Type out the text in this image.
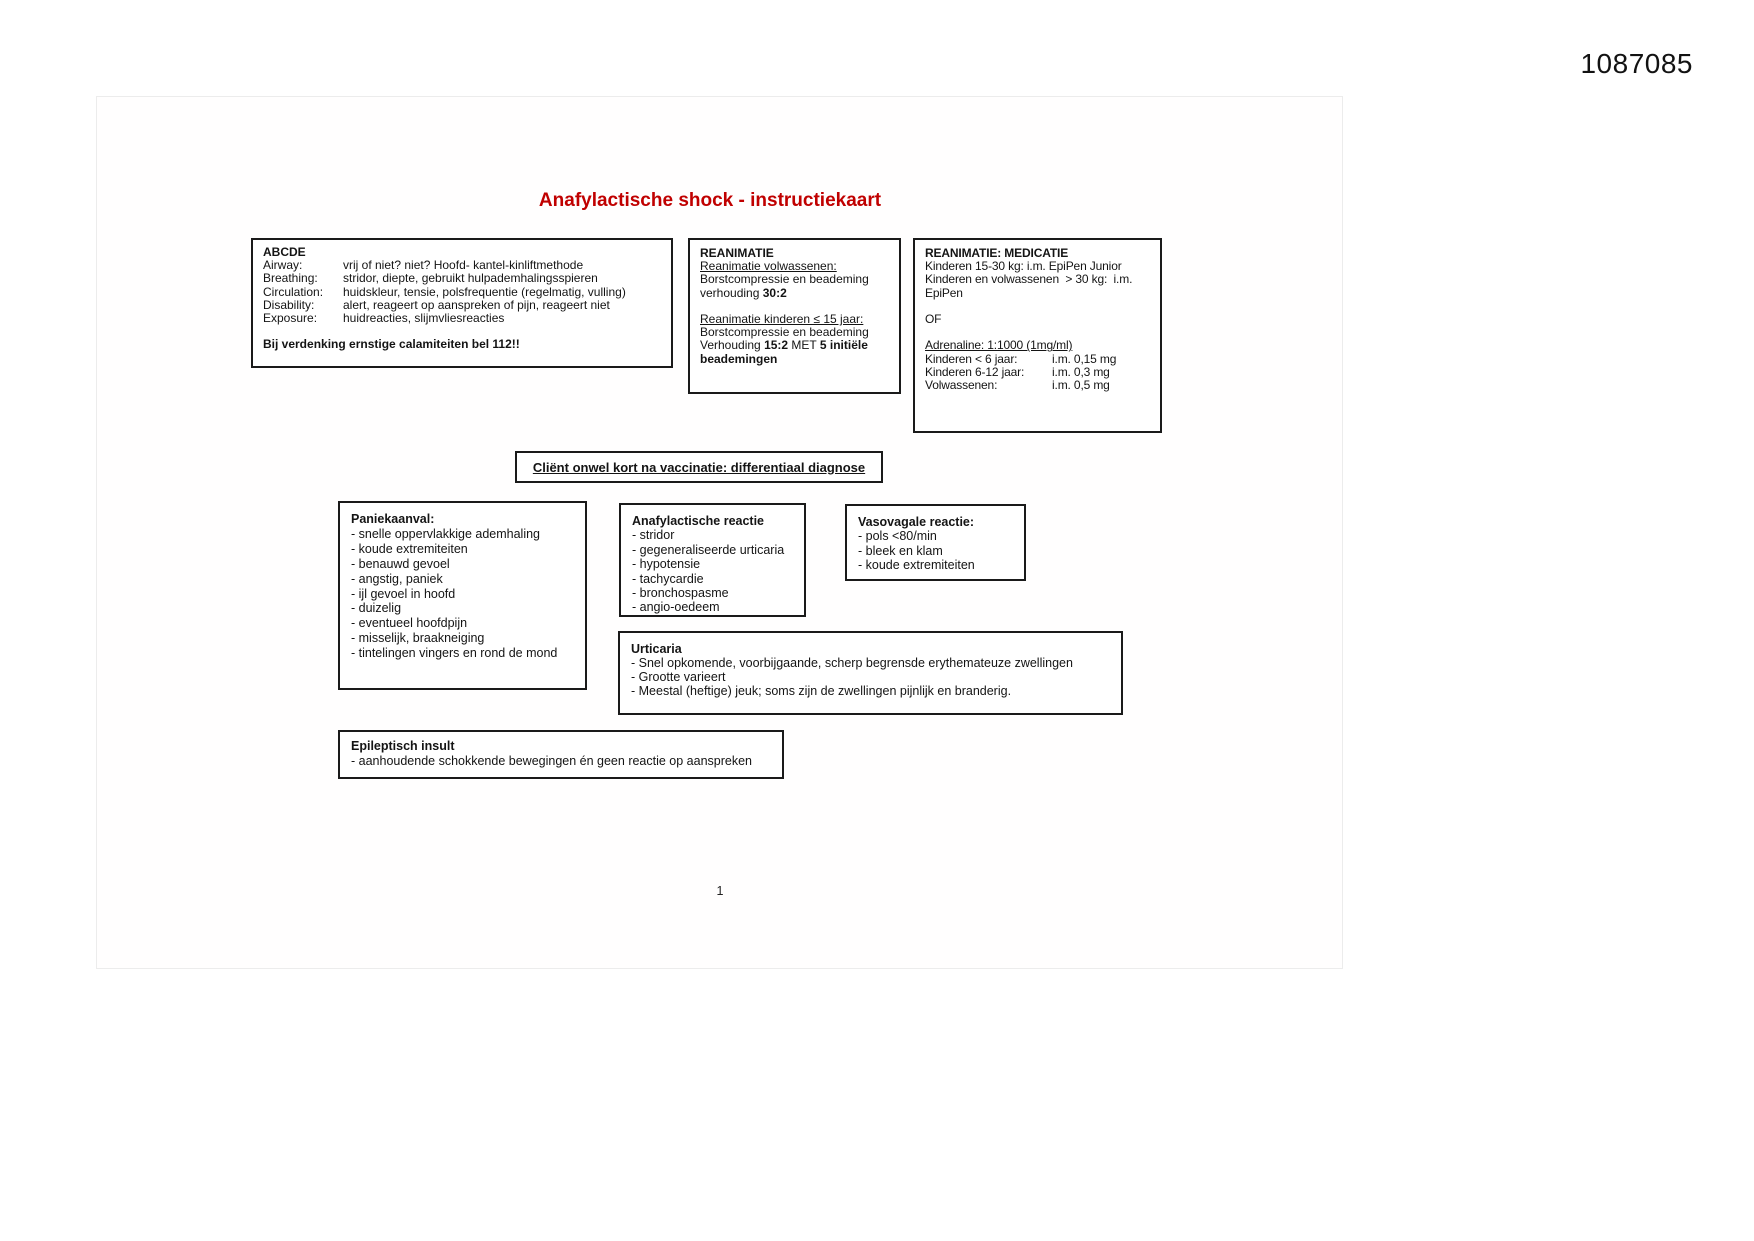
1087085
Anafylactische shock - instructiekaart
ABCDE
Airway:	vrij of niet? niet? Hoofd- kantel-kinliftmethode
Breathing: stridor, diepte, gebruikt hulpademhalingsspieren
Circulation: huidskleur, tensie, polsfrequentie (regelmatig, vulling)
Disability: alert, reageert op aanspreken of pijn, reageert niet
Exposure: huidreacties, slijmvliesreacties
Bij verdenking ernstige calamiteiten bel 112!!
REANIMATIE
Reanimatie volwassenen:
Borstcompressie en beademing
verhouding 30:2

Reanimatie kinderen ≤ 15 jaar:
Borstcompressie en beademing
Verhouding 15:2 MET 5 initiële
beademingen
REANIMATIE: MEDICATIE
Kinderen 15-30 kg: i.m. EpiPen Junior
Kinderen en volwassenen  > 30 kg:  i.m.
EpiPen

OF

Adrenaline: 1:1000 (1mg/ml)
Kinderen < 6 jaar:	i.m. 0,15 mg
Kinderen 6-12 jaar: i.m. 0,3 mg
Volwassenen:	i.m. 0,5 mg
Cliënt onwel kort na vaccinatie: differentiaal diagnose
Paniekaanval:
- snelle oppervlakkige ademhaling
- koude extremiteiten
- benauwd gevoel
- angstig, paniek
- ijl gevoel in hoofd
- duizelig
- eventueel hoofdpijn
- misselijk, braakneiging
- tintelingen vingers en rond de mond
Anafylactische reactie
- stridor
- gegeneraliseerde urticaria
- hypotensie
- tachycardie
- bronchospasme
- angio-oedeem
Vasovagale reactie:
- pols <80/min
- bleek en klam
- koude extremiteiten
Urticaria
- Snel opkomende, voorbijgaande, scherp begrensde erythemateuze zwellingen
- Grootte varieert
- Meestal (heftige) jeuk; soms zijn de zwellingen pijnlijk en branderig.
Epileptisch insult
- aanhoudende schokkende bewegingen én geen reactie op aanspreken
1
